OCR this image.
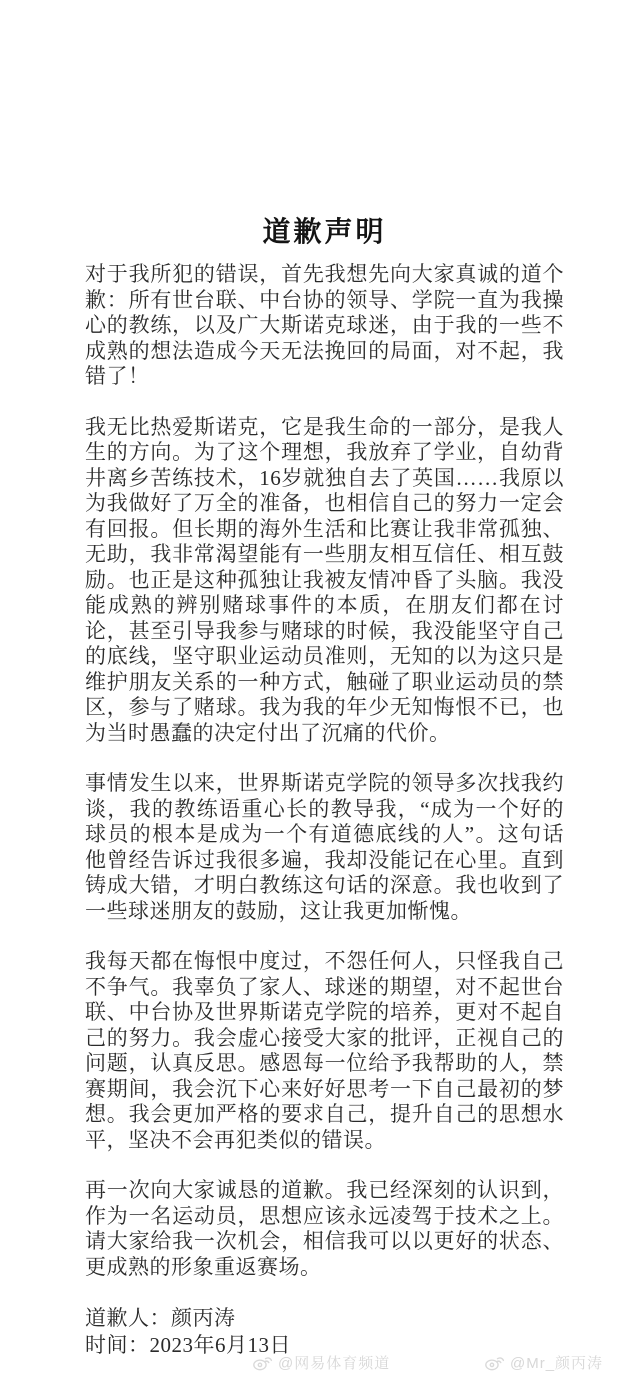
道歉声明

对于我所犯的错误，首先我想先向大家真诚的道个歉：所有世台联、中台协的领导、学院一直为我操心的教练，以及广大斯诺克球迷，由于我的一些不成熟的想法造成今天无法挽回的局面，对不起，我错了！

我无比热爱斯诺克，它是我生命的一部分，是我人生的方向。为了这个理想，我放弃了学业，自幼背井离乡苦练技术，16岁就独自去了英国……我原以为我做好了万全的准备，也相信自己的努力一定会有回报。但长期的海外生活和比赛让我非常孤独、无助，我非常渴望能有一些朋友相互信任、相互鼓励。也正是这种孤独让我被友情冲昏了头脑。我没能成熟的辨别赌球事件的本质，在朋友们都在讨论，甚至引导我参与赌球的时候，我没能坚守自己的底线，坚守职业运动员准则，无知的以为这只是维护朋友关系的一种方式，触碰了职业运动员的禁区，参与了赌球。我为我的年少无知悔恨不已，也为当时愚蠢的决定付出了沉痛的代价。

事情发生以来，世界斯诺克学院的领导多次找我约谈，我的教练语重心长的教导我，“成为一个好的球员的根本是成为一个有道德底线的人”。这句话他曾经告诉过我很多遍，我却没能记在心里。直到铸成大错，才明白教练这句话的深意。我也收到了一些球迷朋友的鼓励，这让我更加惭愧。

我每天都在悔恨中度过，不怨任何人，只怪我自己不争气。我辜负了家人、球迷的期望，对不起世台联、中台协及世界斯诺克学院的培养，更对不起自己的努力。我会虚心接受大家的批评，正视自己的问题，认真反思。感恩每一位给予我帮助的人，禁赛期间，我会沉下心来好好思考一下自己最初的梦想。我会更加严格的要求自己，提升自己的思想水平，坚决不会再犯类似的错误。

再一次向大家诚恳的道歉。我已经深刻的认识到，作为一名运动员，思想应该永远凌驾于技术之上。请大家给我一次机会，相信我可以以更好的状态、更成熟的形象重返赛场。

道歉人：颜丙涛

时间：2023年6月13日

@网易体育频道	@Mr_颜丙涛
